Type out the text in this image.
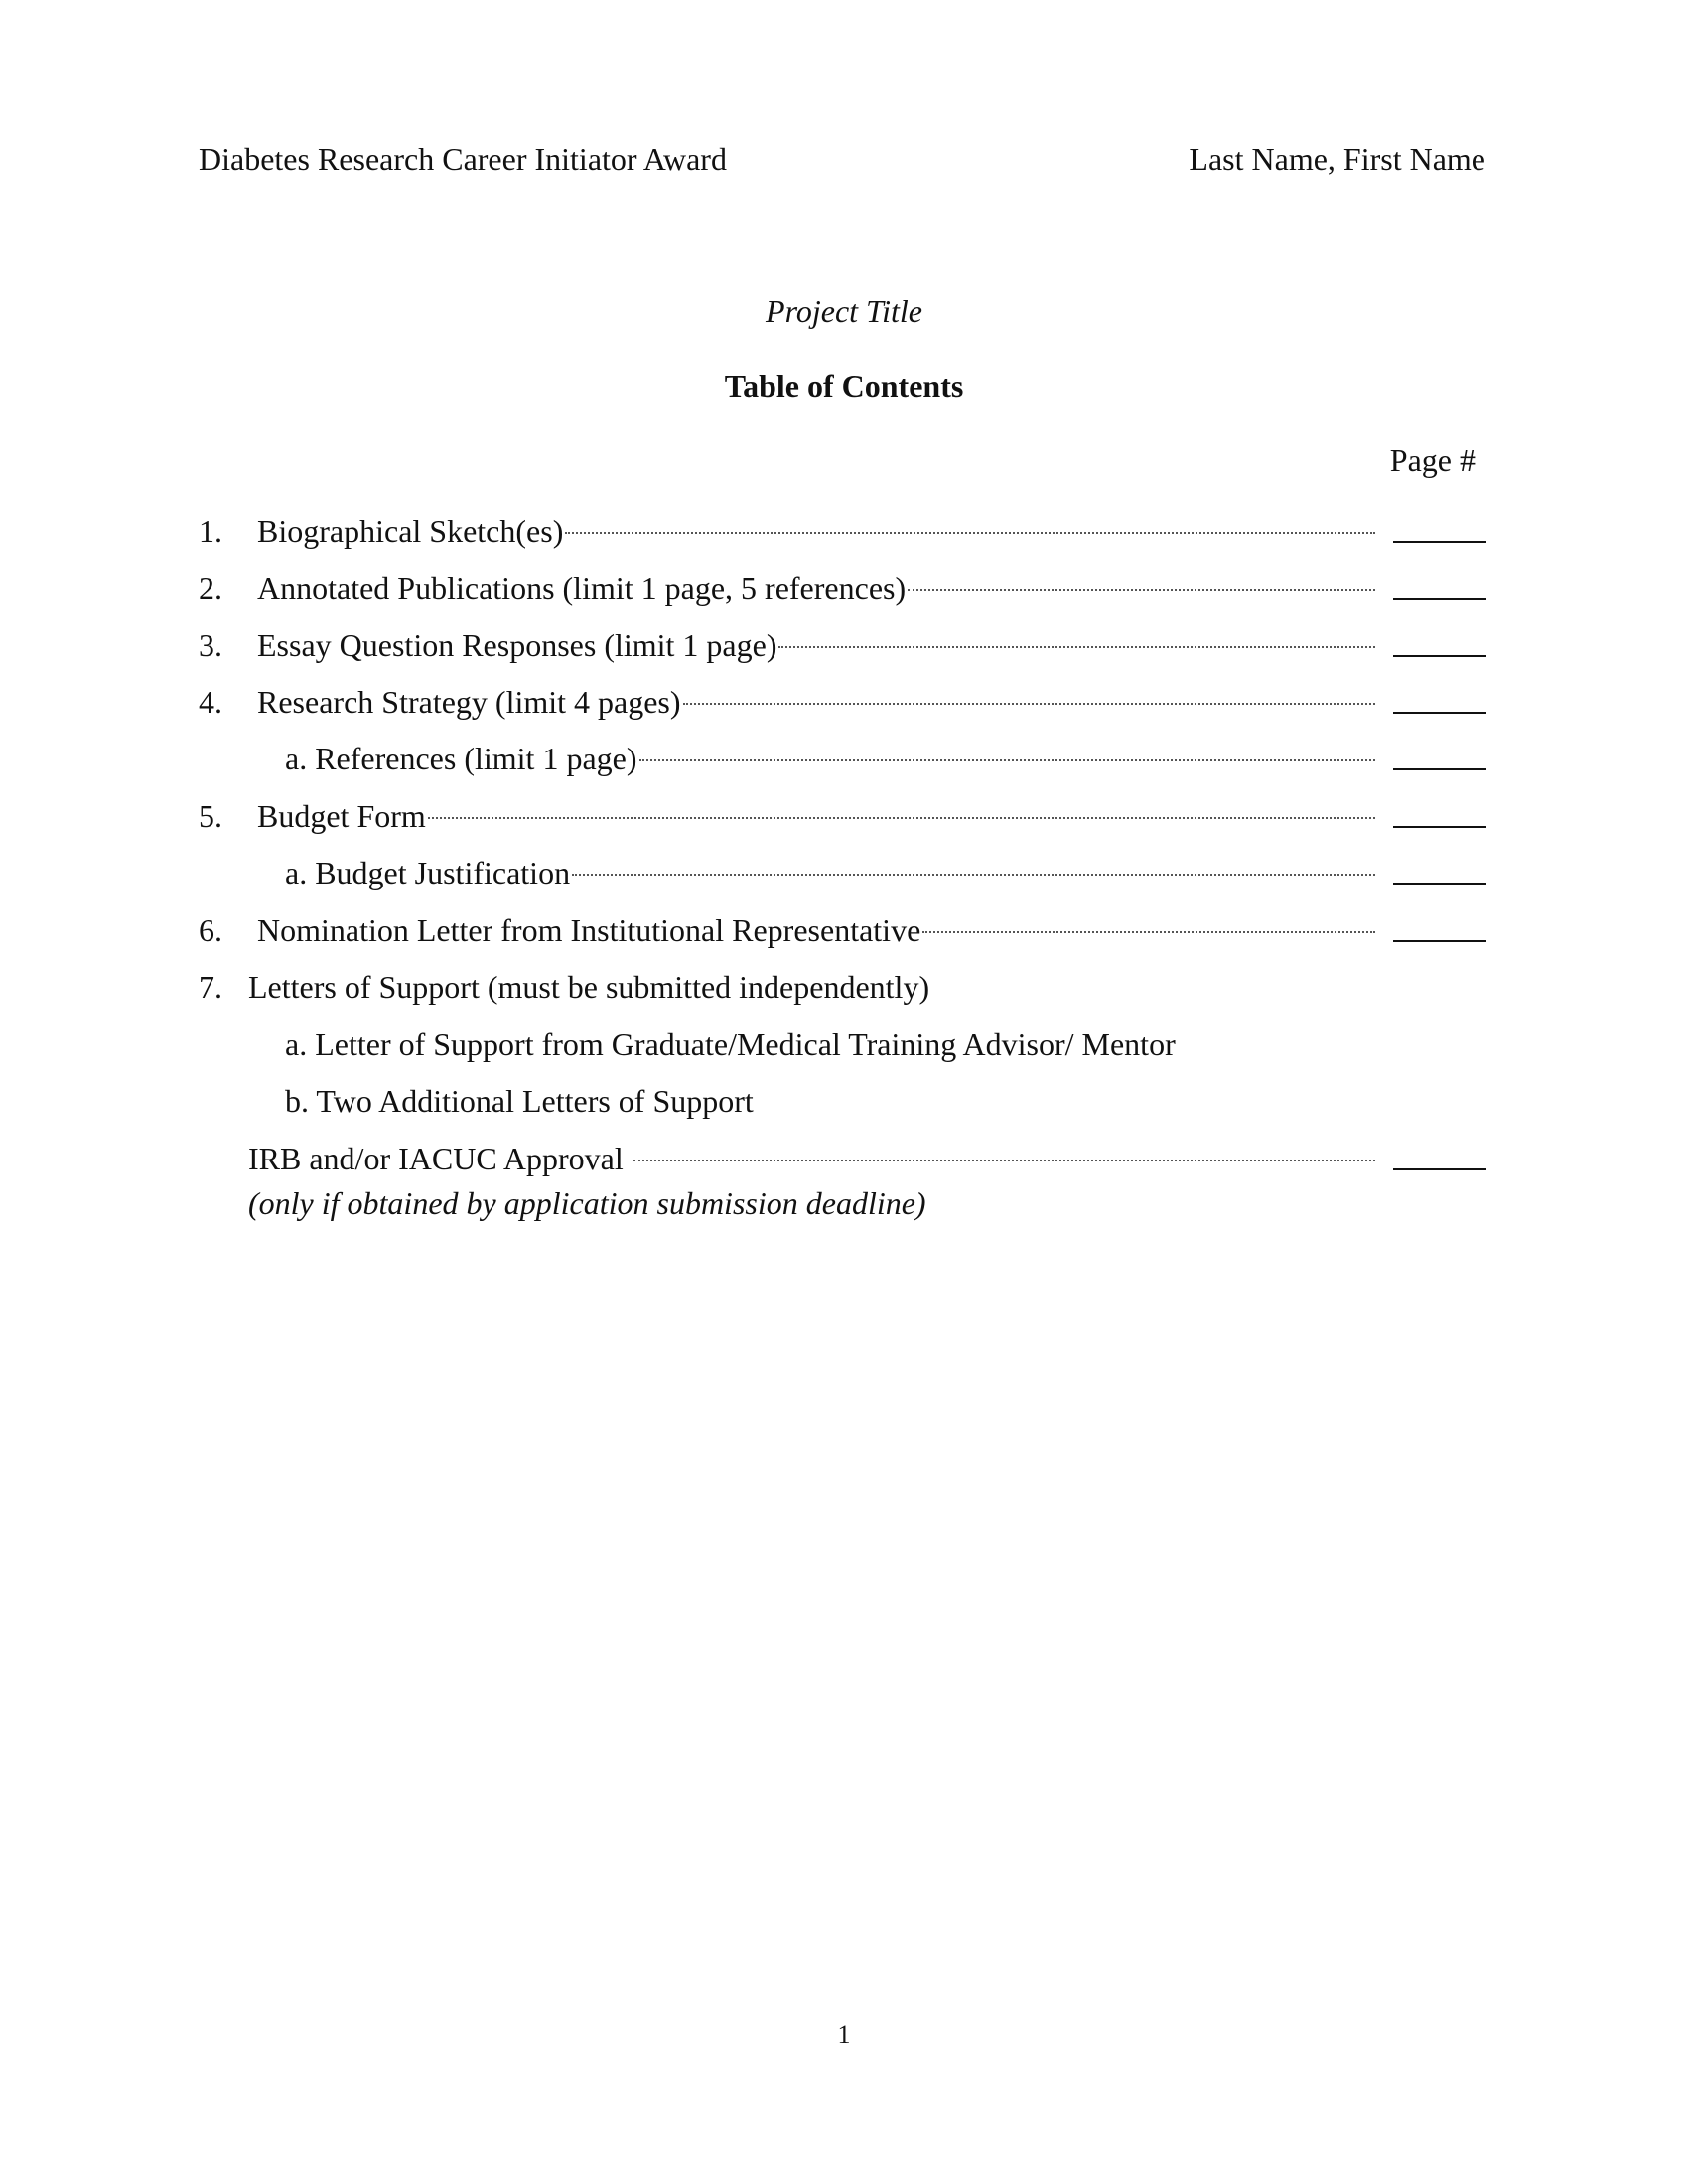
Diabetes Research Career Initiator Award	Last Name, First Name
Project Title
Table of Contents
Page #
1. Biographical Sketch(es)
2. Annotated Publications (limit 1 page, 5 references)
3. Essay Question Responses (limit 1 page)
4. Research Strategy (limit 4 pages)
a. References (limit 1 page)
5. Budget Form
a. Budget Justification
6. Nomination Letter from Institutional Representative
7. Letters of Support (must be submitted independently)
a. Letter of Support from Graduate/Medical Training Advisor/ Mentor
b. Two Additional Letters of Support
IRB and/or IACUC Approval
(only if obtained by application submission deadline)
1
